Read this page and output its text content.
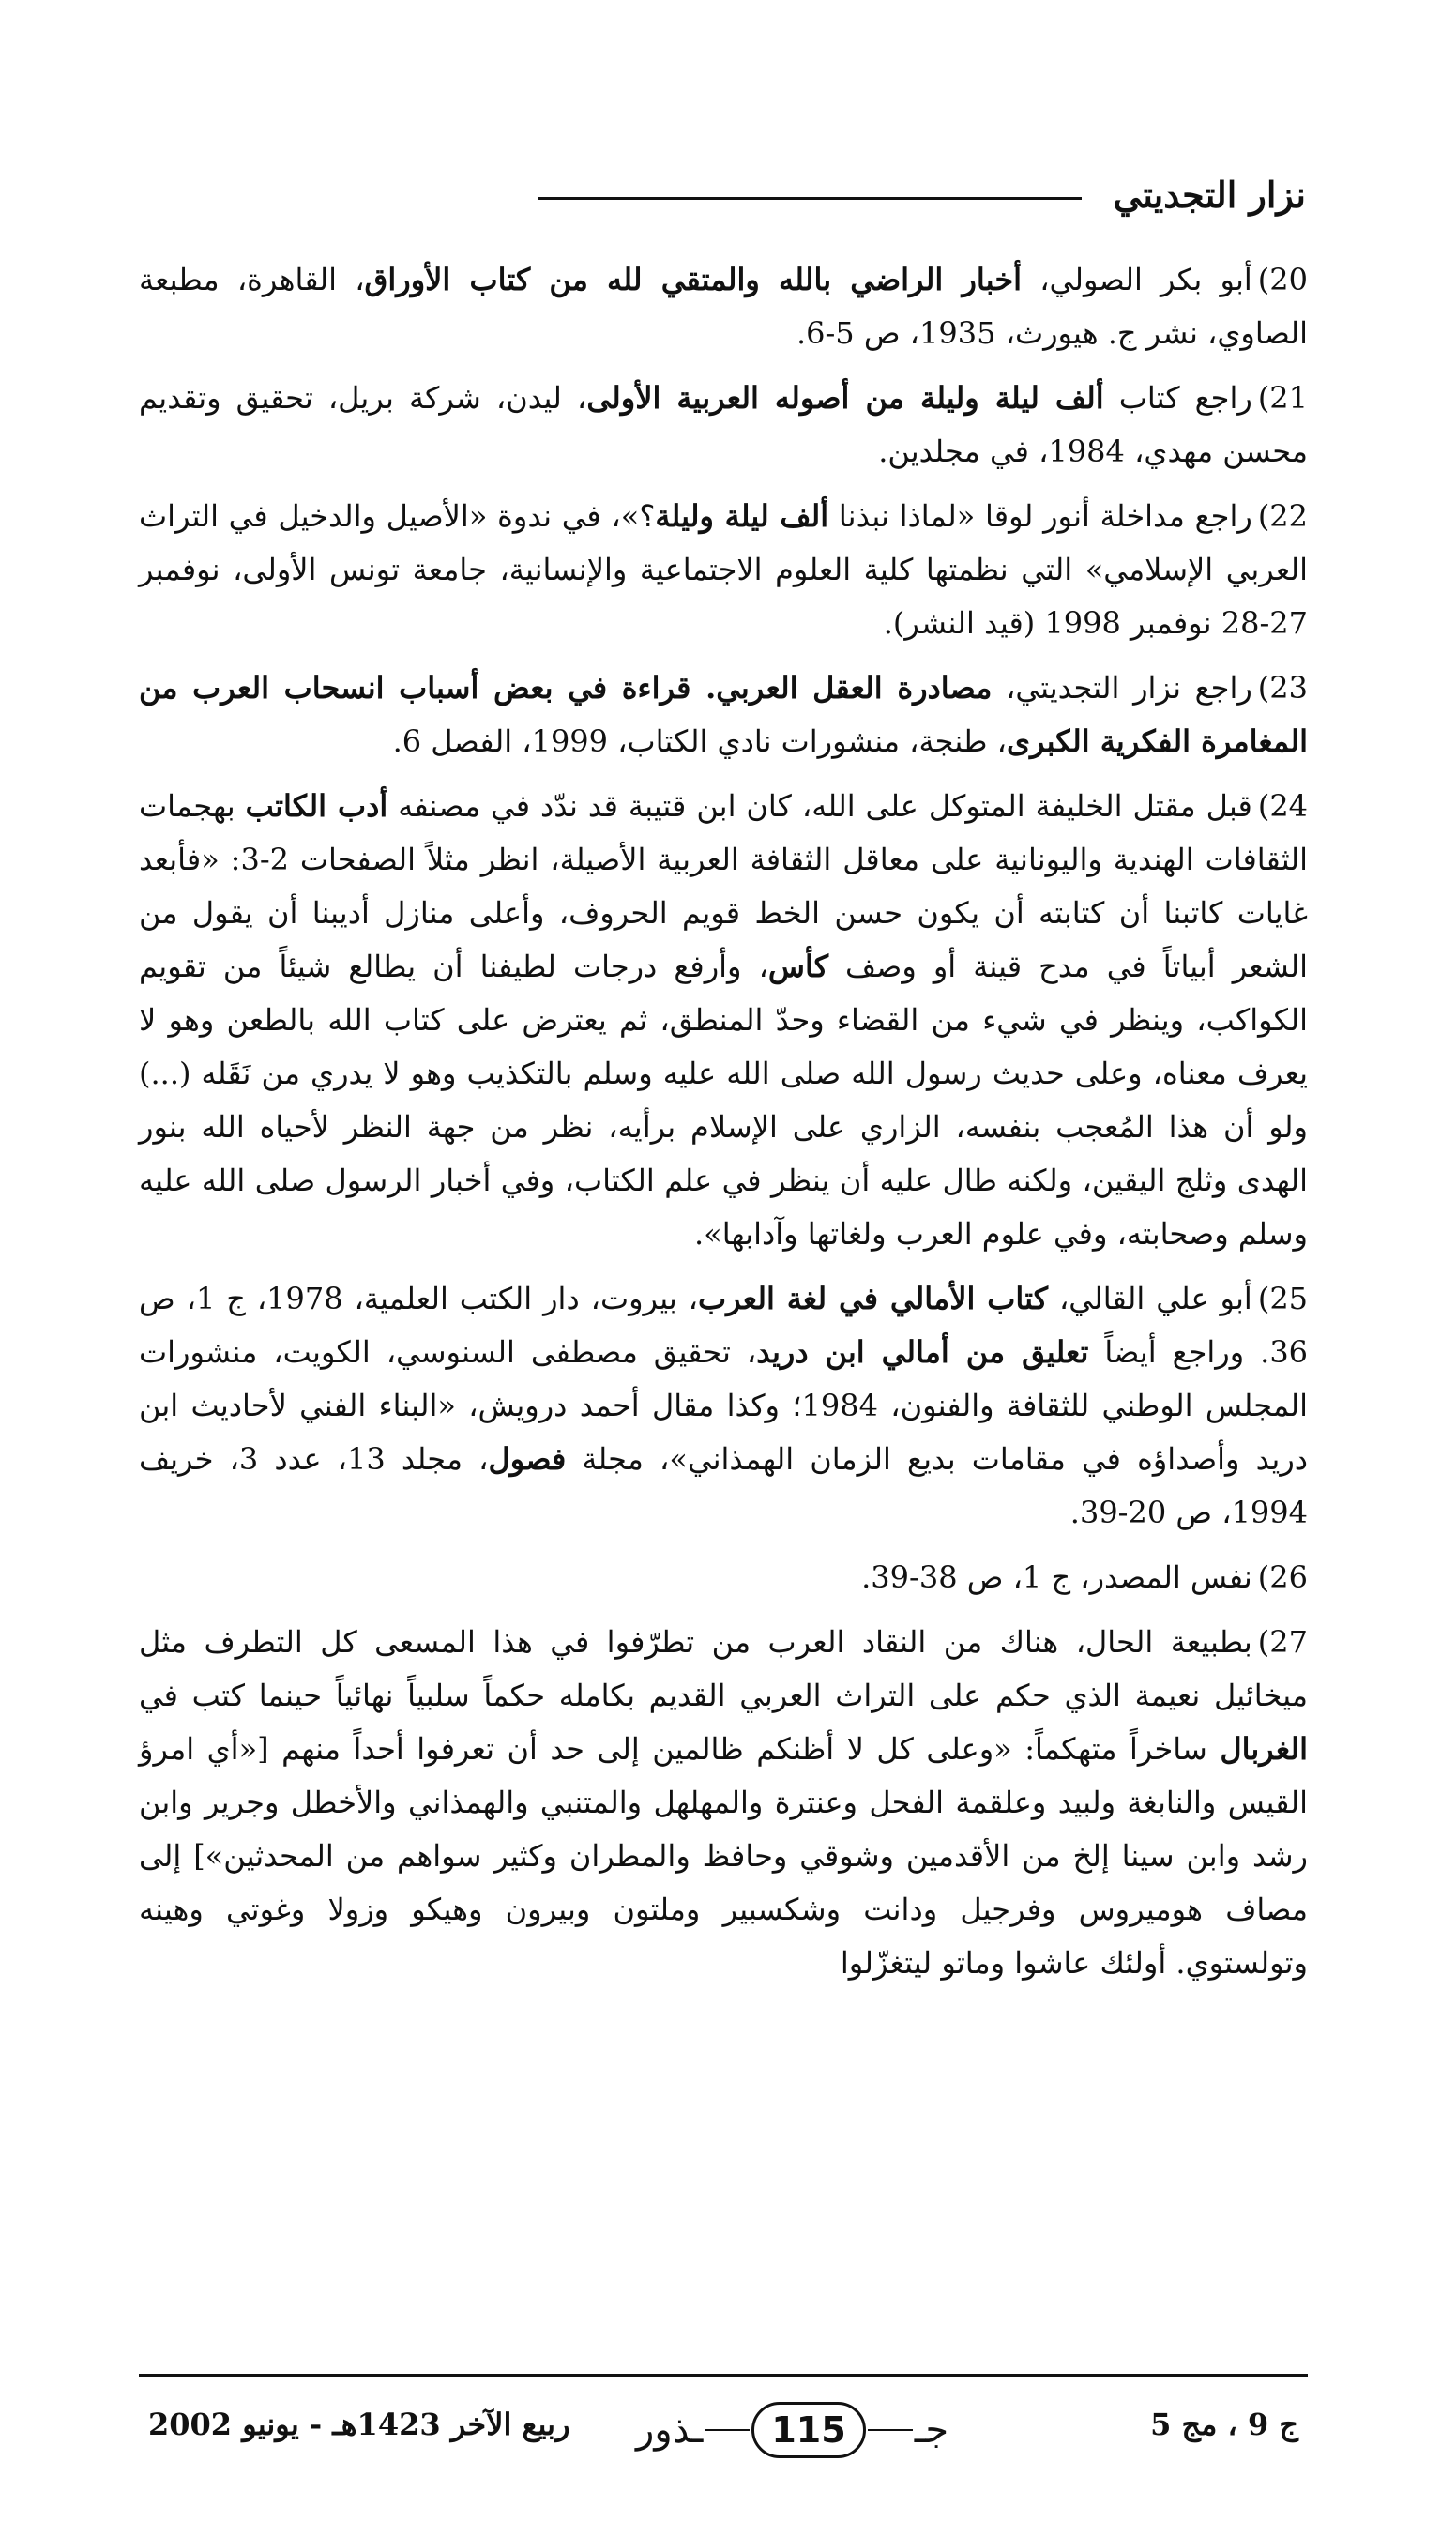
نزار التجديتي

20)أبو بكر الصولي، أخبار الراضي بالله والمتقي لله من كتاب الأوراق، القاهرة، مطبعة الصاوي، نشر ج. هيورث، 1935، ص 5-6.

21)راجع كتاب ألف ليلة وليلة من أصوله العربية الأولى، ليدن، شركة بريل، تحقيق وتقديم محسن مهدي، 1984، في مجلدين.

22)راجع مداخلة أنور لوقا «لماذا نبذنا ألف ليلة وليلة؟»، في ندوة «الأصيل والدخيل في التراث العربي الإسلامي» التي نظمتها كلية العلوم الاجتماعية والإنسانية، جامعة تونس الأولى، نوفمبر 27-28 نوفمبر 1998 (قيد النشر).

23)راجع نزار التجديتي، مصادرة العقل العربي. قراءة في بعض أسباب انسحاب العرب من المغامرة الفكرية الكبرى، طنجة، منشورات نادي الكتاب، 1999، الفصل 6.

24)قبل مقتل الخليفة المتوكل على الله، كان ابن قتيبة قد ندّد في مصنفه أدب الكاتب بهجمات الثقافات الهندية واليونانية على معاقل الثقافة العربية الأصيلة، انظر مثلاً الصفحات 2-3: «فأبعد غايات كاتبنا أن كتابته أن يكون حسن الخط قويم الحروف، وأعلى منازل أديبنا أن يقول من الشعر أبياتاً في مدح قينة أو وصف كأس، وأرفع درجات لطيفنا أن يطالع شيئاً من تقويم الكواكب، وينظر في شيء من القضاء وحدّ المنطق، ثم يعترض على كتاب الله بالطعن وهو لا يعرف معناه، وعلى حديث رسول الله صلى الله عليه وسلم بالتكذيب وهو لا يدري من نَقَله (...) ولو أن هذا المُعجب بنفسه، الزاري على الإسلام برأيه، نظر من جهة النظر لأحياه الله بنور الهدى وثلج اليقين، ولكنه طال عليه أن ينظر في علم الكتاب، وفي أخبار الرسول صلى الله عليه وسلم وصحابته، وفي علوم العرب ولغاتها وآدابها».

25)أبو علي القالي، كتاب الأمالي في لغة العرب، بيروت، دار الكتب العلمية، 1978، ج 1، ص 36. وراجع أيضاً تعليق من أمالي ابن دريد، تحقيق مصطفى السنوسي، الكويت، منشورات المجلس الوطني للثقافة والفنون، 1984؛ وكذا مقال أحمد درويش، «البناء الفني لأحاديث ابن دريد وأصداؤه في مقامات بديع الزمان الهمذاني»، مجلة فصول، مجلد 13، عدد 3، خريف 1994، ص 20-39.

26)نفس المصدر، ج 1، ص 38-39.

27)بطبيعة الحال، هناك من النقاد العرب من تطرّفوا في هذا المسعى كل التطرف مثل ميخائيل نعيمة الذي حكم على التراث العربي القديم بكامله حكماً سلبياً نهائياً حينما كتب في الغربال ساخراً متهكماً: «وعلى كل لا أظنكم ظالمين إلى حد أن تعرفوا أحداً منهم [«أي امرؤ القيس والنابغة ولبيد وعلقمة الفحل وعنترة والمهلهل والمتنبي والهمذاني والأخطل وجرير وابن رشد وابن سينا إلخ من الأقدمين وشوقي وحافظ والمطران وكثير سواهم من المحدثين»] إلى مصاف هوميروس وفرجيل ودانت وشكسبير وملتون وبيرون وهيكو وزولا وغوتي وهينه وتولستوي. أولئك عاشوا وماتو ليتغزّلوا

ج 9 ، مج 5
جـ
115
ـذور
ربيع الآخر 1423هـ - يونيو 2002
